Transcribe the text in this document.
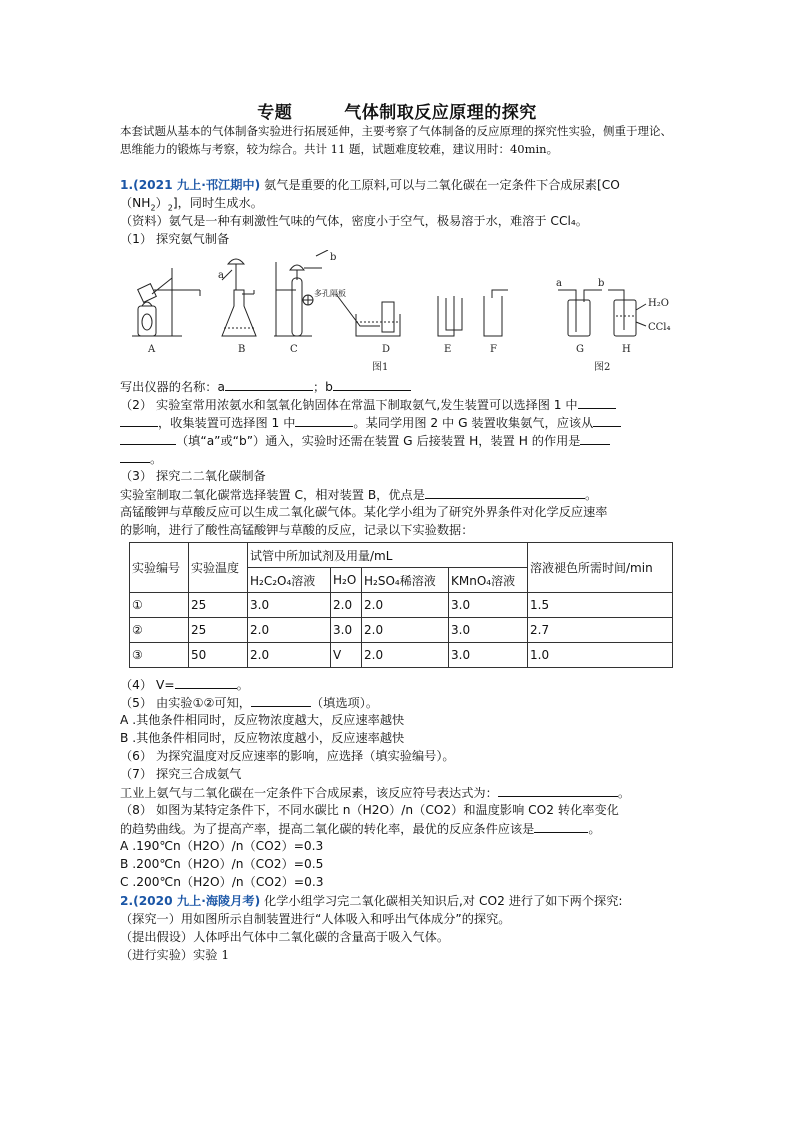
专题	气体制取反应原理的探究
本套试题从基本的气体制备实验进行拓展延伸，主要考察了气体制备的反应原理的探究性实验，侧重于理论、思维能力的锻炼与考察，较为综合。共计 11 题，试题难度较难，建议用时：40min。
1.(2021 九上·邗江期中) 氨气是重要的化工原料,可以与二氧化碳在一定条件下合成尿素[CO
$(NH_2)_2$]，同时生成水。
（资料）氨气是一种有刺激性气味的气体，密度小于空气，极易溶于水，难溶于 CCl₄。
（1） 探究氨气制备
A	B	C	D	E	F	G	H
a
b
a	b
多孔隔板
H₂O
CCl₄
图1	图2
写出仪器的名称：a	；b
（2） 实验室常用浓氨水和氢氧化钠固体在常温下制取氨气,发生装置可以选择图 1 中
，收集装置可选择图 1 中	。某同学用图 2 中 G 装置收集氨气，应该从
（填“a”或“b”）通入，实验时还需在装置 G 后接装置 H，装置 H 的作用是
。
（3） 探究二二氧化碳制备
实验室制取二氧化碳常选择装置 C，相对装置 B，优点是	。
高锰酸钾与草酸反应可以生成二氧化碳气体。某化学小组为了研究外界条件对化学反应速率
的影响，进行了酸性高锰酸钾与草酸的反应，记录以下实验数据：
实验编号	实验温度	试管中所加试剂及用量/mL				溶液褪色所需时间/min
		H₂C₂O₄溶液	H₂O	H₂SO₄稀溶液	KMnO₄溶液	
①	25	3.0	2.0	2.0	3.0	1.5
②	25	2.0	3.0	2.0	3.0	2.7
③	50	2.0	V	2.0	3.0	1.0
（4） V=	。
（5） 由实验①②可知，	（填选项）。
A .其他条件相同时，反应物浓度越大，反应速率越快
B .其他条件相同时，反应物浓度越小，反应速率越快
（6） 为探究温度对反应速率的影响，应选择（填实验编号）。
（7） 探究三合成氨气
工业上氨气与二氧化碳在一定条件下合成尿素，该反应符号表达式为：	。
（8） 如图为某特定条件下，不同水碳比 n（H2O）/n（CO2）和温度影响 CO2 转化率变化
的趋势曲线。为了提高产率，提高二氧化碳的转化率，最优的反应条件应该是	。
A .190℃n（H2O）/n（CO2）=0.3
B .200℃n（H2O）/n（CO2）=0.5
C .200℃n（H2O）/n（CO2）=0.3
2.(2020 九上·海陵月考) 化学小组学习完二氧化碳相关知识后,对 CO2 进行了如下两个探究:
（探究一）用如图所示自制装置进行“人体吸入和呼出气体成分”的探究。
（提出假设）人体呼出气体中二氧化碳的含量高于吸入气体。
（进行实验）实验 1
